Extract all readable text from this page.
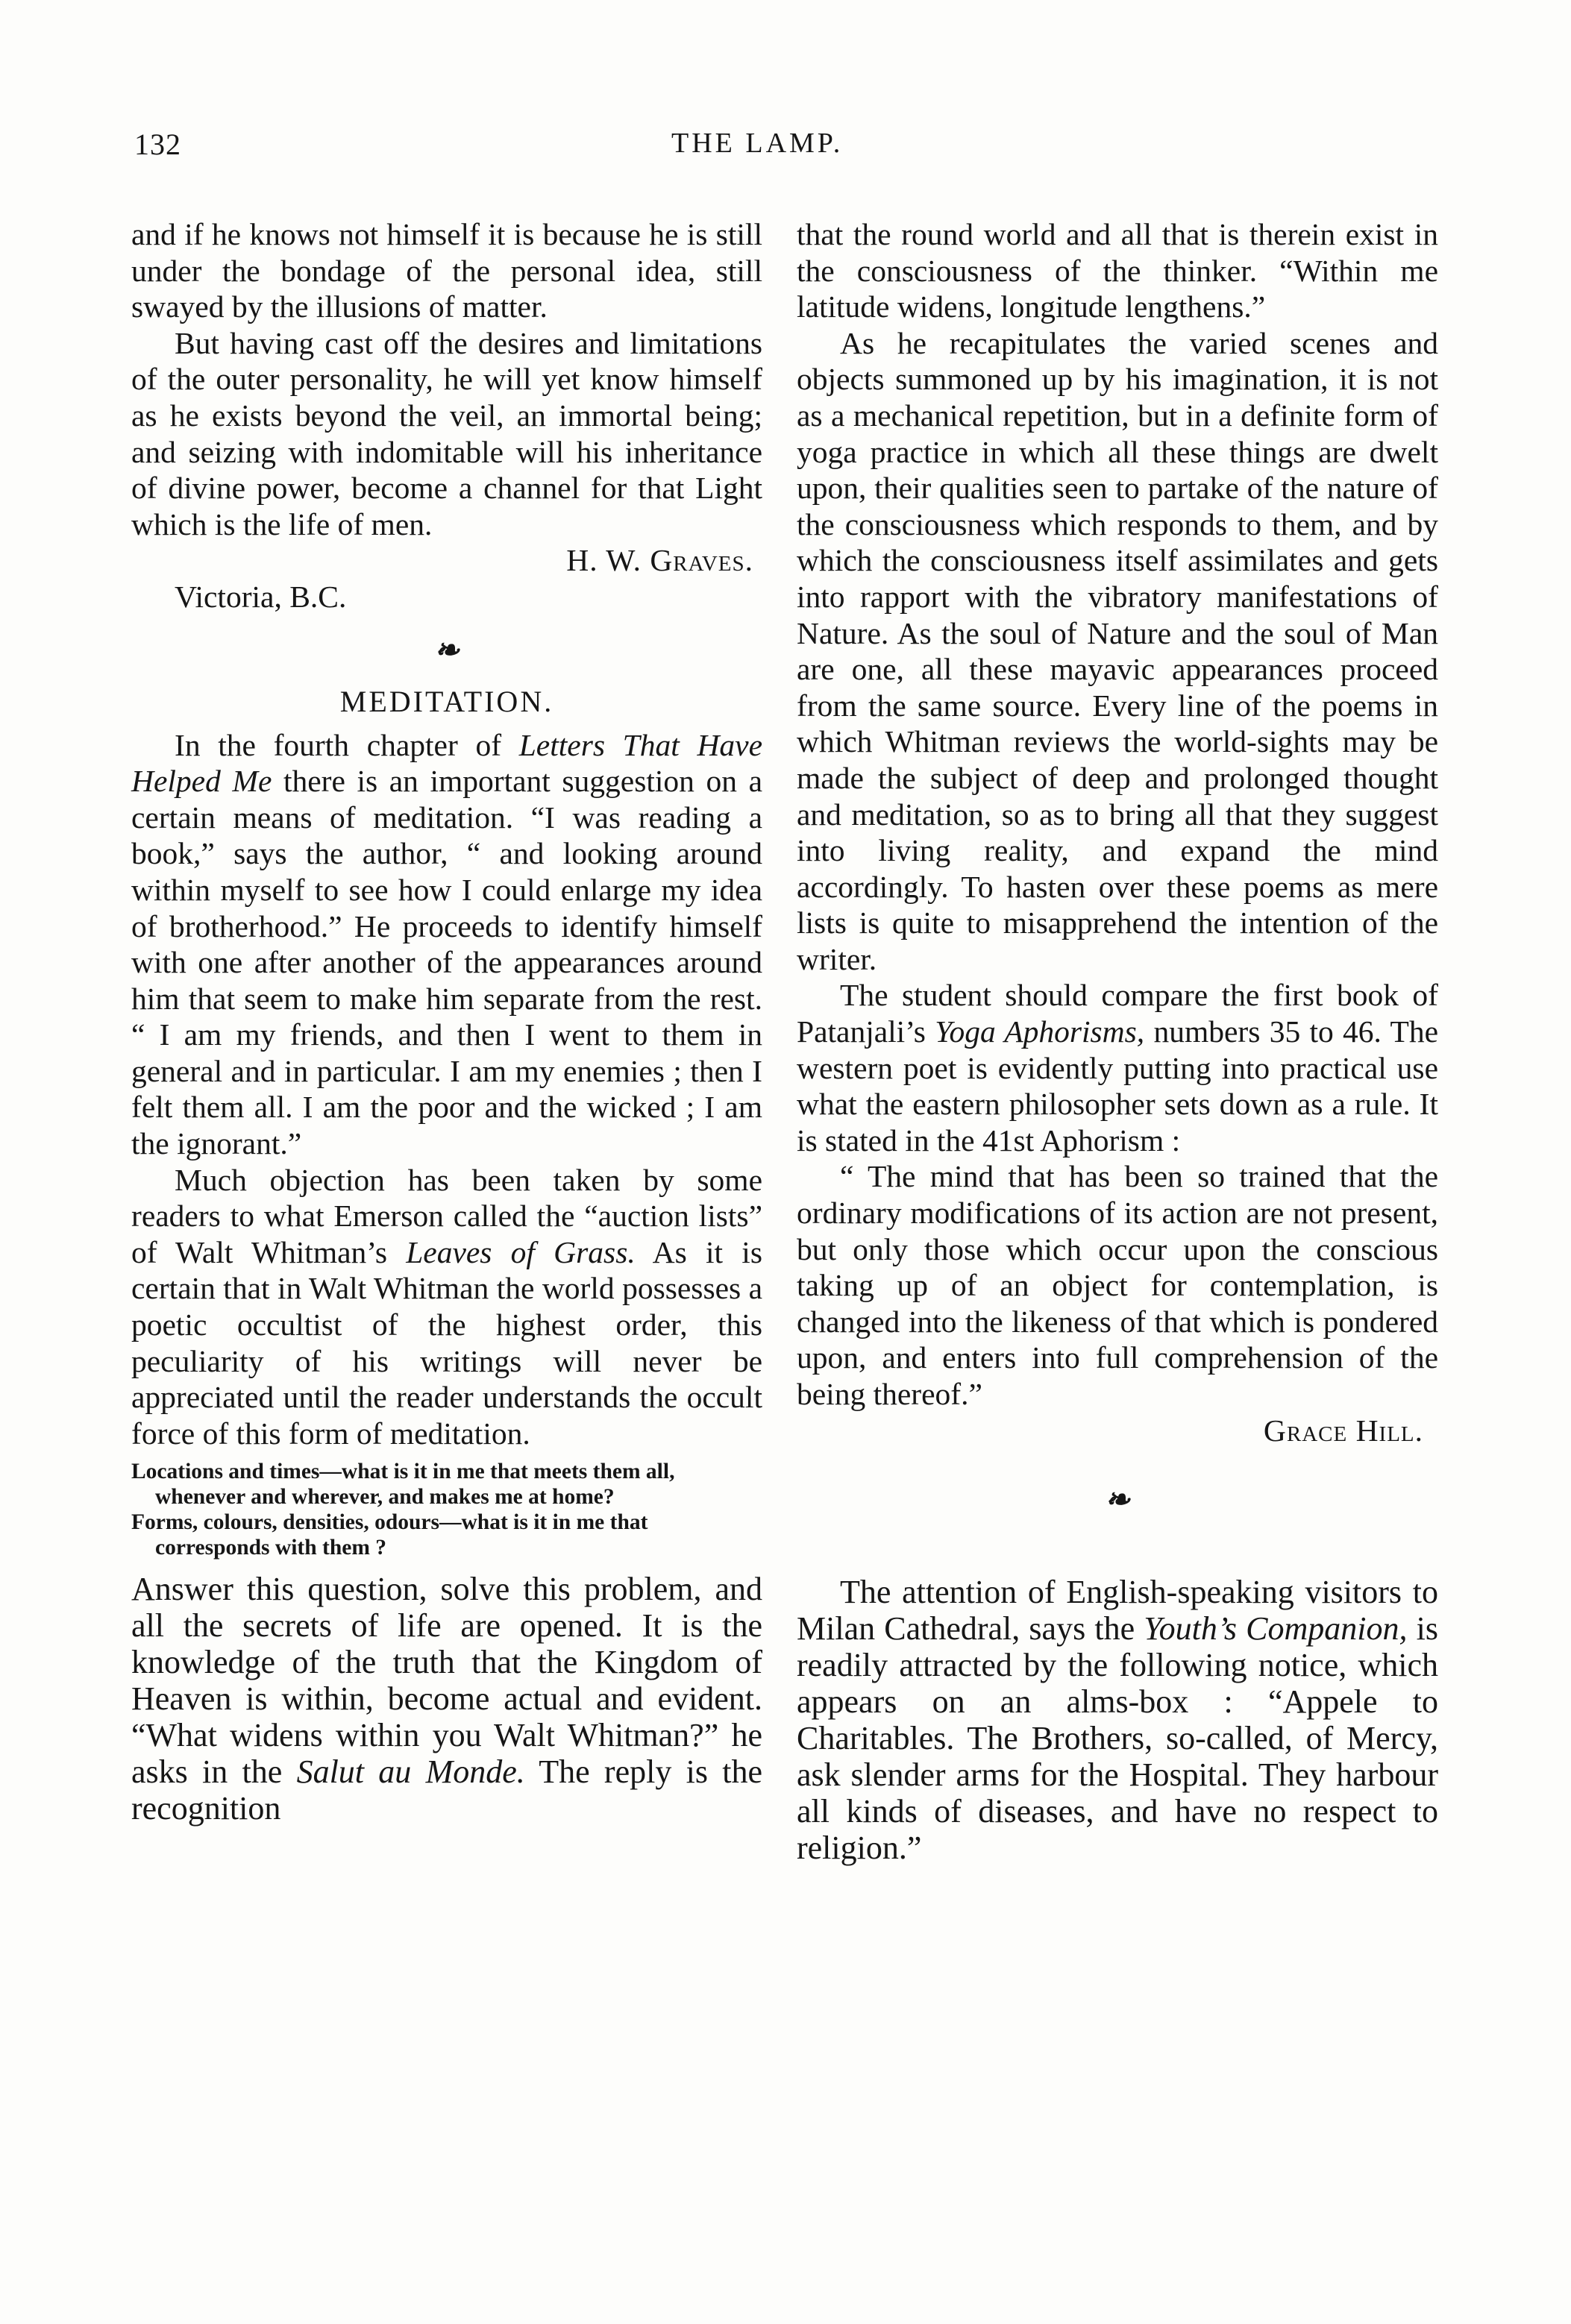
132	THE LAMP.

and if he knows not himself it is because he is still under the bondage of the personal idea, still swayed by the illusions of matter.

But having cast off the desires and limitations of the outer personality, he will yet know himself as he exists beyond the veil, an immortal being; and seizing with indomitable will his inheritance of divine power, become a channel for that Light which is the life of men.

H. W. Graves.

Victoria, B.C.

❧
MEDITATION.

In the fourth chapter of Letters That Have Helped Me there is an important suggestion on a certain means of meditation. “I was reading a book,” says the author, “ and looking around within myself to see how I could enlarge my idea of brotherhood.” He proceeds to identify himself with one after another of the appearances around him that seem to make him separate from the rest. “ I am my friends, and then I went to them in general and in particular. I am my enemies ; then I felt them all. I am the poor and the wicked ; I am the ignorant.”

Much objection has been taken by some readers to what Emerson called the “auction lists” of Walt Whitman’s Leaves of Grass. As it is certain that in Walt Whitman the world possesses a poetic occultist of the highest order, this peculiarity of his writings will never be appreciated until the reader understands the occult force of this form of meditation.

Locations and times—what is it in me that meets them all, whenever and wherever, and makes me at home?

Forms, colours, densities, odours—what is it in me that corresponds with them ?

Answer this question, solve this problem, and all the secrets of life are opened. It is the knowledge of the truth that the Kingdom of Heaven is within, become actual and evident. “What widens within you Walt Whitman?” he asks in the Salut au Monde. The reply is the recognition

that the round world and all that is therein exist in the consciousness of the thinker. “Within me latitude widens, longitude lengthens.”

As he recapitulates the varied scenes and objects summoned up by his imagination, it is not as a mechanical repetition, but in a definite form of yoga practice in which all these things are dwelt upon, their qualities seen to partake of the nature of the consciousness which responds to them, and by which the consciousness itself assimilates and gets into rapport with the vibratory manifestations of Nature. As the soul of Nature and the soul of Man are one, all these mayavic appearances proceed from the same source. Every line of the poems in which Whitman reviews the world-sights may be made the subject of deep and prolonged thought and meditation, so as to bring all that they suggest into living reality, and expand the mind accordingly. To hasten over these poems as mere lists is quite to misapprehend the intention of the writer.

The student should compare the first book of Patanjali’s Yoga Aphorisms, numbers 35 to 46. The western poet is evidently putting into practical use what the eastern philosopher sets down as a rule. It is stated in the 41st Aphorism :

“ The mind that has been so trained that the ordinary modifications of its action are not present, but only those which occur upon the conscious taking up of an object for contemplation, is changed into the likeness of that which is pondered upon, and enters into full comprehension of the being thereof.”

Grace Hill.

❧

The attention of English-speaking visitors to Milan Cathedral, says the Youth’s Companion, is readily attracted by the following notice, which appears on an alms-box : “Appele to Charitables. The Brothers, so-called, of Mercy, ask slender arms for the Hospital. They harbour all kinds of diseases, and have no respect to religion.”
